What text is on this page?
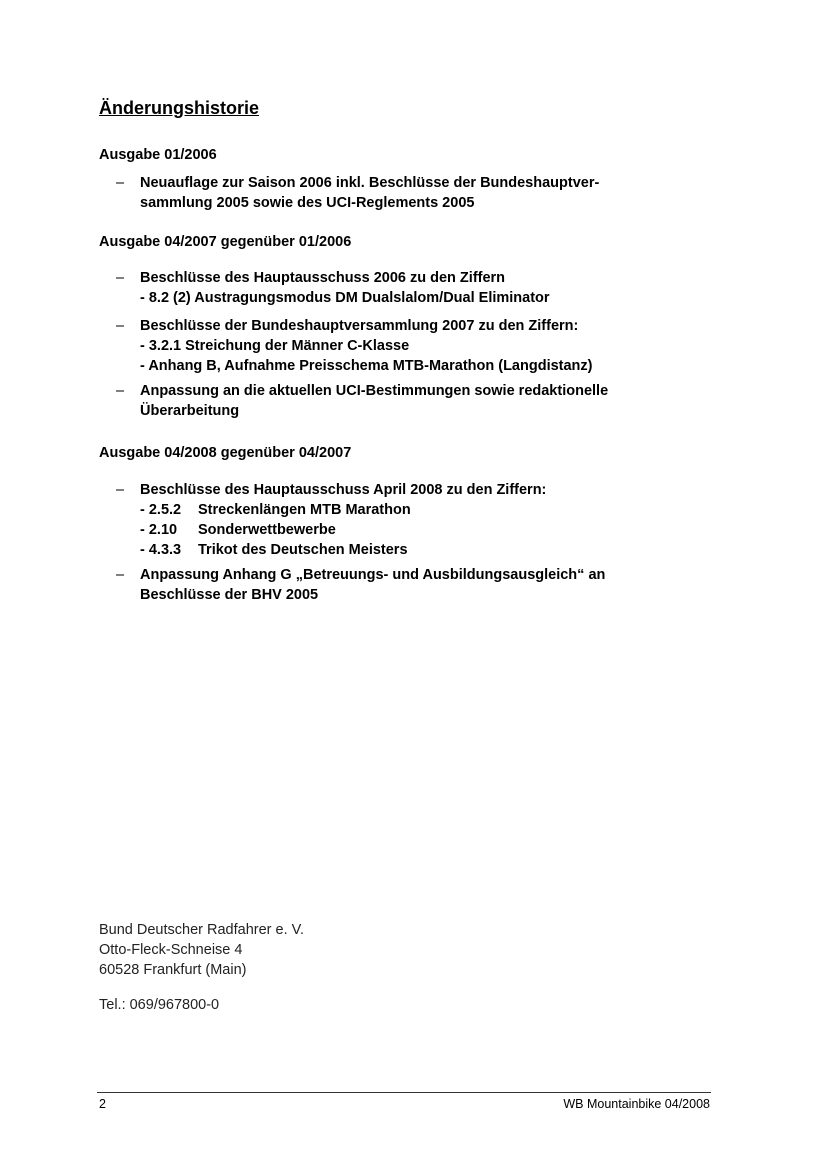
Änderungshistorie
Ausgabe 01/2006
– Neuauflage zur Saison 2006 inkl. Beschlüsse der Bundeshauptver-
sammlung 2005 sowie des UCI-Reglements 2005
Ausgabe 04/2007 gegenüber 01/2006
– Beschlüsse des Hauptausschuss 2006 zu den Ziffern
- 8.2 (2) Austragungsmodus DM Dualslalom/Dual Eliminator
– Beschlüsse der Bundeshauptversammlung 2007 zu den Ziffern:
- 3.2.1 Streichung der Männer C-Klasse
- Anhang B, Aufnahme Preisschema MTB-Marathon (Langdistanz)
– Anpassung an die aktuellen UCI-Bestimmungen sowie redaktionelle
Überarbeitung
Ausgabe 04/2008 gegenüber 04/2007
– Beschlüsse des Hauptausschuss April 2008 zu den Ziffern:
- 2.5.2 Streckenlängen MTB Marathon
- 2.10 Sonderwettbewerbe
- 4.3.3 Trikot des Deutschen Meisters
– Anpassung Anhang G „Betreuungs- und Ausbildungsausgleich“ an
Beschlüsse der BHV 2005
Bund Deutscher Radfahrer e. V.
Otto-Fleck-Schneise 4
60528 Frankfurt (Main)
Tel.: 069/967800-0
2	WB Mountainbike 04/2008
